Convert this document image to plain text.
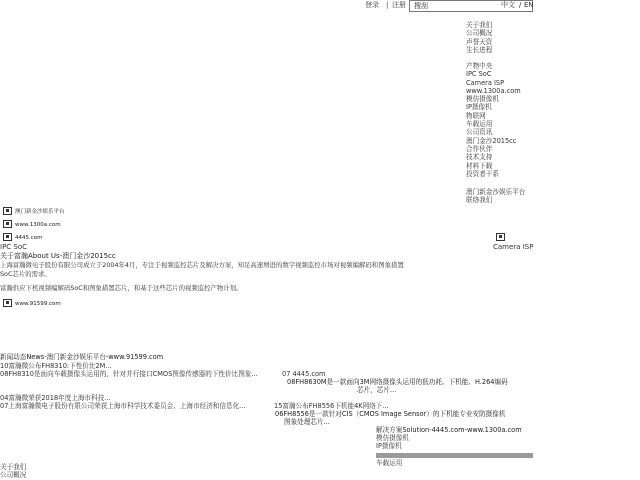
登录 | 注册 搜刮	中文 / EN
关于我们
公司概况
声誉天资
生长进程
产物中央
IPC SoC
Camera ISP
www.1300a.com
模仿摄像机
IP摄像机
物联网
车载运用
公司资讯
澳门金沙2015cc
合作伙伴
技术支持
材料下载
投资者干系
澳门新金沙娱乐平台
联络我们
澳门新金沙娱乐平台
www.1300a.com
4445.com
IPC SoC	Camera ISP
关于富瀚About Us-澳门金沙2015cc
上海富瀚微电子股份有限公司成立于2004年4月，专注于视频监控芯片及解决方案，知足高速增进的数字视频监控市场对视频编解码和图象措置SoC芯片的需求。
富瀚供应下机视频编解码SoC和图象措置芯片，和基于这些芯片的视频监控产物计划。
www.91599.com
新闻动态News-澳门新金沙娱乐平台-www.91599.com
10富瀚微公布FH8310:下性价比2M...
08FH8310是面向车载摄像头运用的，针对并行接口CMOS图像传感器的下性价比图象...	07 4445.com
08FH8630M是一款面向3M网络摄像头运用的低功耗、下机能、H.264编码
芯片，芯片...
04富瀚微荣获2018年度上海市科技...
07上海富瀚微电子股份有限公司荣获上海市科学技术委员会、上海市经济和信息化...	15富瀚公布FH8556下机能4K网络下...
06FH8556是一款针对CIS（CMOS Image Sensor）的下机能专业安防摄像机
图象处理芯片...
解决方案Solution-4445.com-www.1300a.com
模仿摄像机
IP摄像机
车载运用
关于我们
公司概况
